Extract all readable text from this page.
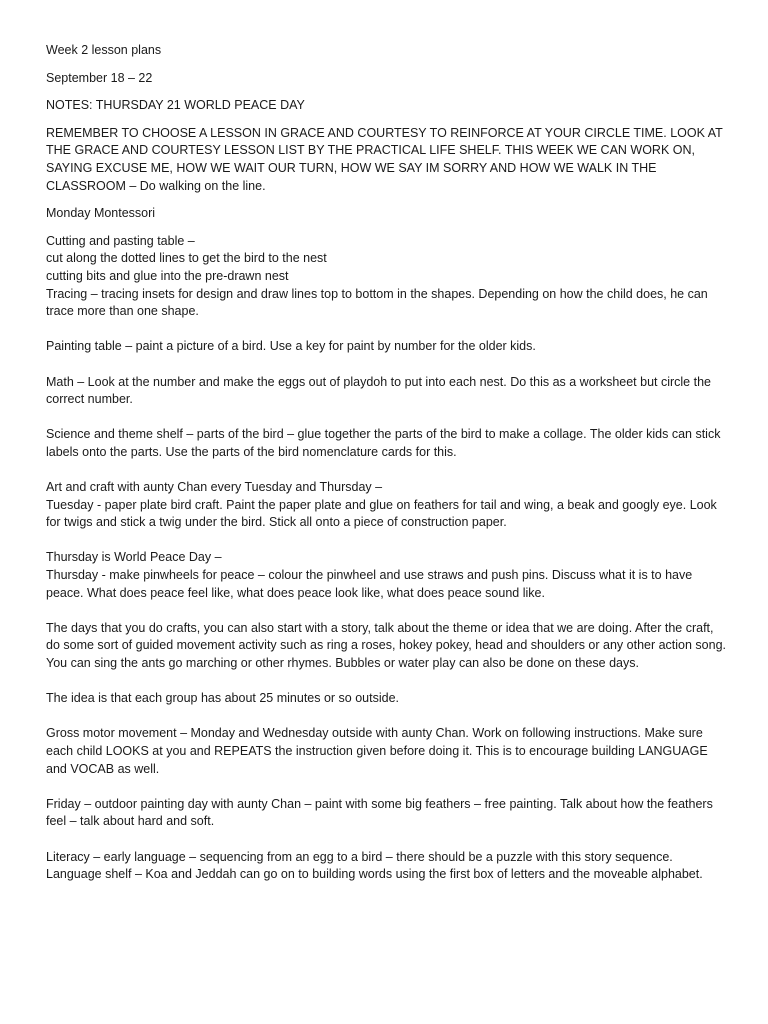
Week 2 lesson plans

September 18 – 22

NOTES: THURSDAY 21 WORLD PEACE DAY

REMEMBER TO CHOOSE A LESSON IN GRACE AND COURTESY TO REINFORCE AT YOUR CIRCLE TIME. LOOK AT THE GRACE AND COURTESY LESSON LIST BY THE PRACTICAL LIFE SHELF. THIS WEEK WE CAN WORK ON, SAYING EXCUSE ME, HOW WE WAIT OUR TURN, HOW WE SAY IM SORRY AND HOW WE WALK IN THE CLASSROOM – Do walking on the line.

Monday Montessori

Cutting and pasting table –
cut along the dotted lines to get the bird to the nest
cutting bits and glue into the pre-drawn nest
Tracing – tracing insets for design and draw lines top to bottom in the shapes. Depending on how the child does, he can trace more than one shape.

Painting table – paint a picture of a bird. Use a key for paint by number for the older kids.

Math – Look at the number and make the eggs out of playdoh to put into each nest. Do this as a worksheet but circle the correct number.

Science and theme shelf – parts of the bird – glue together the parts of the bird to make a collage. The older kids can stick labels onto the parts. Use the parts of the bird nomenclature cards for this.

Art and craft with aunty Chan every Tuesday and Thursday –
Tuesday - paper plate bird craft. Paint the paper plate and glue on feathers for tail and wing, a beak and googly eye. Look for twigs and stick a twig under the bird. Stick all onto a piece of construction paper.

Thursday is World Peace Day –
Thursday - make pinwheels for peace – colour the pinwheel and use straws and push pins. Discuss what it is to have peace. What does peace feel like, what does peace look like, what does peace sound like.

The days that you do crafts, you can also start with a story, talk about the theme or idea that we are doing. After the craft, do some sort of guided movement activity such as ring a roses, hokey pokey, head and shoulders or any other action song. You can sing the ants go marching or other rhymes. Bubbles or water play can also be done on these days.

The idea is that each group has about 25 minutes or so outside.

Gross motor movement – Monday and Wednesday outside with aunty Chan. Work on following instructions. Make sure each child LOOKS at you and REPEATS the instruction given before doing it. This is to encourage building LANGUAGE and VOCAB as well.

Friday – outdoor painting day with aunty Chan – paint with some big feathers – free painting. Talk about how the feathers feel – talk about hard and soft.

Literacy – early language – sequencing from an egg to a bird – there should be a puzzle with this story sequence.
Language shelf – Koa and Jeddah can go on to building words using the first box of letters and the moveable alphabet.
